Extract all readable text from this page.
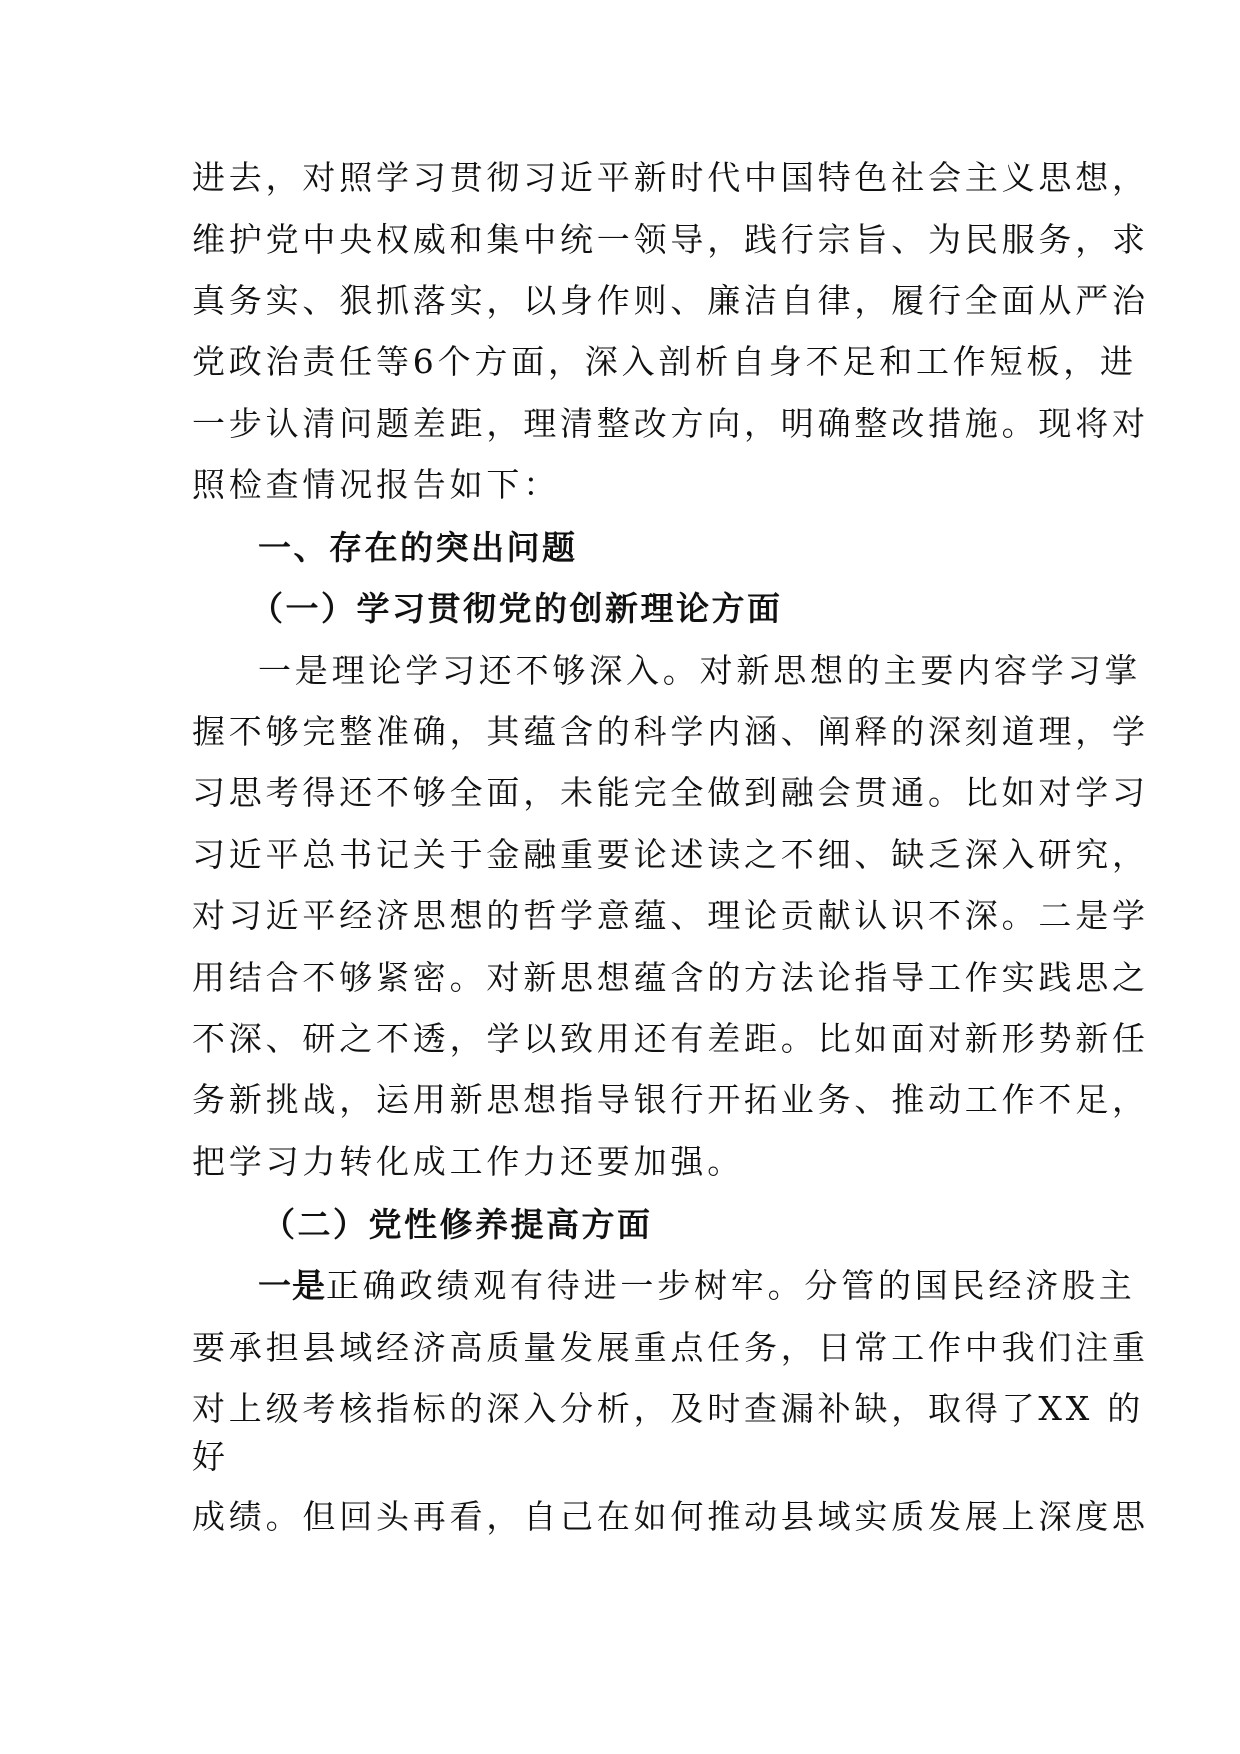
进去，对照学习贯彻习近平新时代中国特色社会主义思想，
维护党中央权威和集中统一领导，践行宗旨、为民服务，求
真务实、狠抓落实，以身作则、廉洁自律，履行全面从严治
党政治责任等6个方面，深入剖析自身不足和工作短板，进
一步认清问题差距，理清整改方向，明确整改措施。现将对
照检查情况报告如下：
一、存在的突出问题
（一）学习贯彻党的创新理论方面
一是理论学习还不够深入。对新思想的主要内容学习掌
握不够完整准确，其蕴含的科学内涵、阐释的深刻道理，学
习思考得还不够全面，未能完全做到融会贯通。比如对学习
习近平总书记关于金融重要论述读之不细、缺乏深入研究，
对习近平经济思想的哲学意蕴、理论贡献认识不深。二是学
用结合不够紧密。对新思想蕴含的方法论指导工作实践思之
不深、研之不透，学以致用还有差距。比如面对新形势新任
务新挑战，运用新思想指导银行开拓业务、推动工作不足，
把学习力转化成工作力还要加强。
（二）党性修养提高方面
一是正确政绩观有待进一步树牢。分管的国民经济股主
要承担县域经济高质量发展重点任务，日常工作中我们注重
对上级考核指标的深入分析，及时查漏补缺，取得了XX 的
好
成绩。但回头再看，自己在如何推动县域实质发展上深度思
